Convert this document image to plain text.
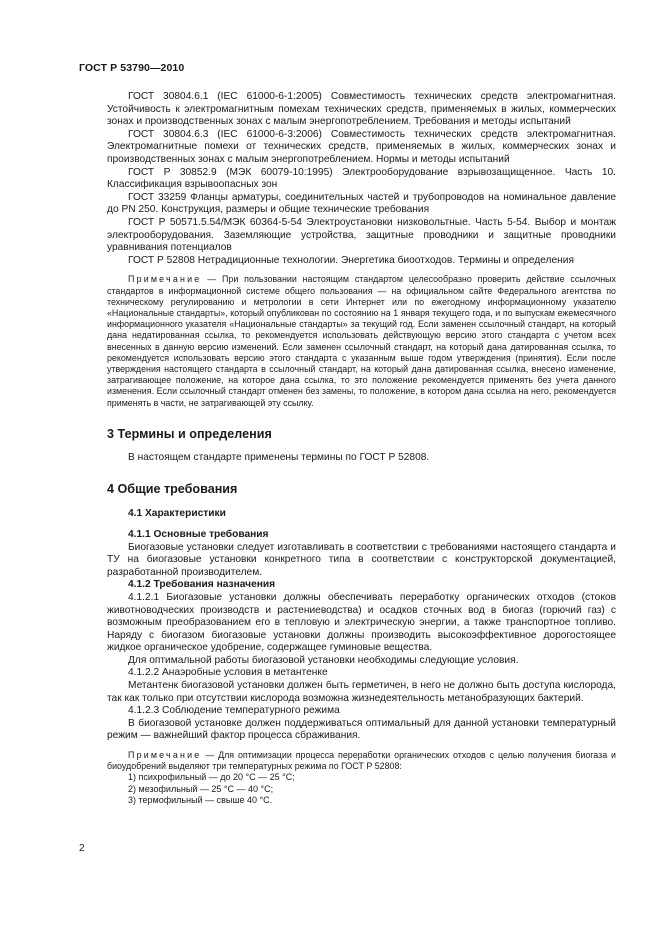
ГОСТ Р 53790—2010

ГОСТ 30804.6.1 (IEC 61000-6-1:2005) Совместимость технических средств электромагнитная. Устойчивость к электромагнитным помехам технических средств, применяемых в жилых, коммерческих зонах и производственных зонах с малым энергопотреблением. Требования и методы испытаний

ГОСТ 30804.6.3 (IEC 61000-6-3:2006) Совместимость технических средств электромагнитная. Электромагнитные помехи от технических средств, применяемых в жилых, коммерческих зонах и производственных зонах с малым энергопотреблением. Нормы и методы испытаний

ГОСТ Р 30852.9 (МЭК 60079-10:1995) Электрооборудование взрывозащищенное. Часть 10. Классификация взрывоопасных зон

ГОСТ 33259 Фланцы арматуры, соединительных частей и трубопроводов на номинальное давление до PN 250. Конструкция, размеры и общие технические требования

ГОСТ Р 50571.5.54/МЭК 60364-5-54 Электроустановки низковольтные. Часть 5-54. Выбор и монтаж электрооборудования. Заземляющие устройства, защитные проводники и защитные проводники уравнивания потенциалов

ГОСТ Р 52808 Нетрадиционные технологии. Энергетика биоотходов. Термины и определения

Примечание — При пользовании настоящим стандартом целесообразно проверить действие ссылочных стандартов в информационной системе общего пользования — на официальном сайте Федерального агентства по техническому регулированию и метрологии в сети Интернет или по ежегодному информационному указателю «Национальные стандарты», который опубликован по состоянию на 1 января текущего года, и по выпускам ежемесячного информационного указателя «Национальные стандарты» за текущий год. Если заменен ссылочный стандарт, на который дана недатированная ссылка, то рекомендуется использовать действующую версию этого стандарта с учетом всех внесенных в данную версию изменений. Если заменен ссылочный стандарт, на который дана датированная ссылка, то рекомендуется использовать версию этого стандарта с указанным выше годом утверждения (принятия). Если после утверждения настоящего стандарта в ссылочный стандарт, на который дана датированная ссылка, внесено изменение, затрагивающее положение, на которое дана ссылка, то это положение рекомендуется применять без учета данного изменения. Если ссылочный стандарт отменен без замены, то положение, в котором дана ссылка на него, рекомендуется применять в части, не затрагивающей эту ссылку.

3 Термины и определения

В настоящем стандарте применены термины по ГОСТ Р 52808.

4 Общие требования

4.1 Характеристики

4.1.1 Основные требования

Биогазовые установки следует изготавливать в соответствии с требованиями настоящего стандарта и ТУ на биогазовые установки конкретного типа в соответствии с конструкторской документацией, разработанной производителем.

4.1.2 Требования назначения

4.1.2.1 Биогазовые установки должны обеспечивать переработку органических отходов (стоков животноводческих производств и растениеводства) и осадков сточных вод в биогаз (горючий газ) с возможным преобразованием его в тепловую и электрическую энергии, а также транспортное топливо. Наряду с биогазом биогазовые установки должны производить высокоэффективное дорогостоящее жидкое органическое удобрение, содержащее гуминовые вещества.

Для оптимальной работы биогазовой установки необходимы следующие условия.

4.1.2.2 Анаэробные условия в метантенке

Метантенк биогазовой установки должен быть герметичен, в него не должно быть доступа кислорода, так как только при отсутствии кислорода возможна жизнедеятельность метанобразующих бактерий.

4.1.2.3 Соблюдение температурного режима

В биогазовой установке должен поддерживаться оптимальный для данной установки температурный режим — важнейший фактор процесса сбраживания.

Примечание — Для оптимизации процесса переработки органических отходов с целью получения биогаза и биоудобрений выделяют три температурных режима по ГОСТ Р 52808:

1) психрофильный — до 20 °С — 25 °С;

2) мезофильный — 25 °С — 40 °С;

3) термофильный — свыше 40 °С.

2
